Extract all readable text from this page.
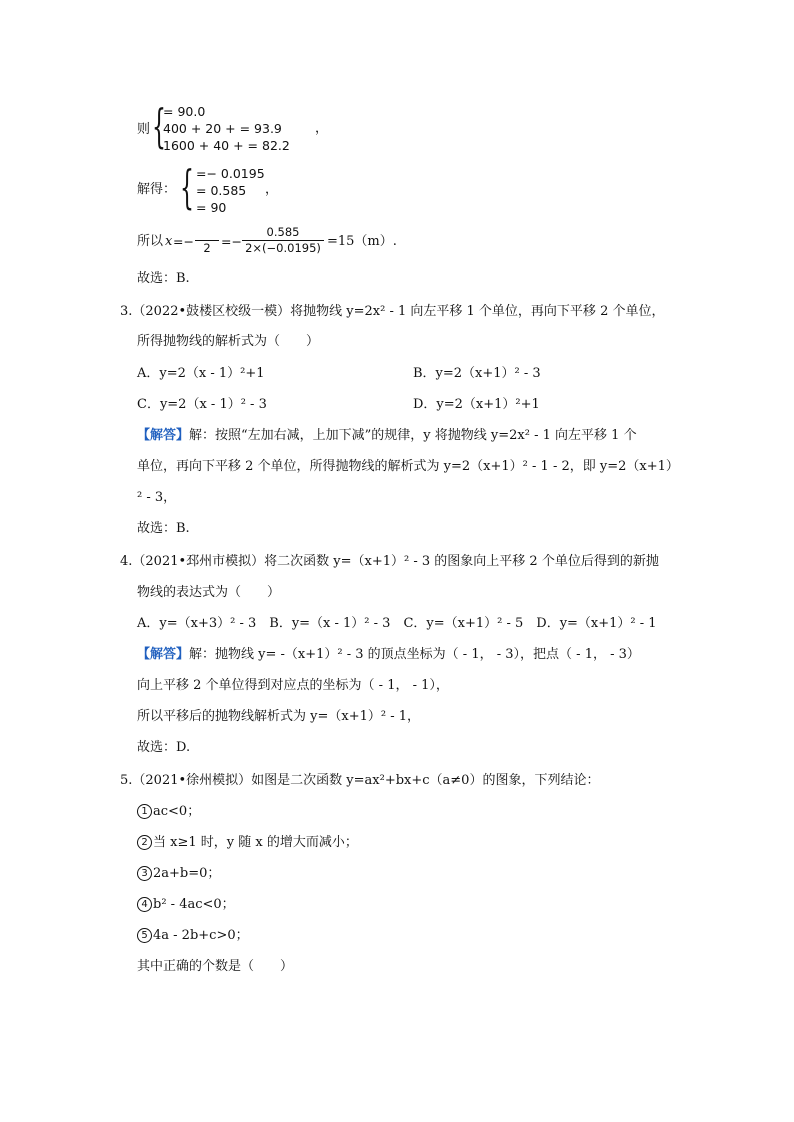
则 {
= 90.0
400 + 20 + = 93.9
1600 + 40 + = 82.2
，
解得： { =− 0.0195
= 0.585
= 90
，
所以 $x =- 2 =- \frac{0.585}{2\times(-0.0195)} =15(m)$.
故选：B.
3.（2022•鼓楼区校级一模）将抛物线 y=2x² - 1 向左平移 1 个单位，再向下平移 2 个单位，
所得抛物线的解析式为（　　）
A．y=2（x - 1）²+1	B．y=2（x+1）² - 3
C．y=2（x - 1）² - 3	D．y=2（x+1）²+1
【解答】解：按照“左加右减，上加下减”的规律，y 将抛物线 y=2x² - 1 向左平移 1 个
单位，再向下平移 2 个单位，所得抛物线的解析式为 y=2（x+1）² - 1 - 2，即 y=2（x+1）
² - 3，
故选：B.
4.（2021•邳州市模拟）将二次函数 y=（x+1）² - 3 的图象向上平移 2 个单位后得到的新抛
物线的表达式为（　　）
A．y=（x+3）² - 3　B．y=（x - 1）² - 3　C．y=（x+1）² - 5　D．y=（x+1）² - 1
【解答】解：抛物线 y= -（x+1）² - 3 的顶点坐标为（ - 1， - 3），把点（ - 1， - 3）
向上平移 2 个单位得到对应点的坐标为（ - 1， - 1），
所以平移后的抛物线解析式为 y=（x+1）² - 1，
故选：D.
5.（2021•徐州模拟）如图是二次函数 y=ax²+bx+c（a≠0）的图象，下列结论：
1 ac<0；
2 当 x≥1 时，y 随 x 的增大而减小；
3 2a+b=0；
4 b² - 4ac<0；
5 4a - 2b+c>0；
其中正确的个数是（　　）
